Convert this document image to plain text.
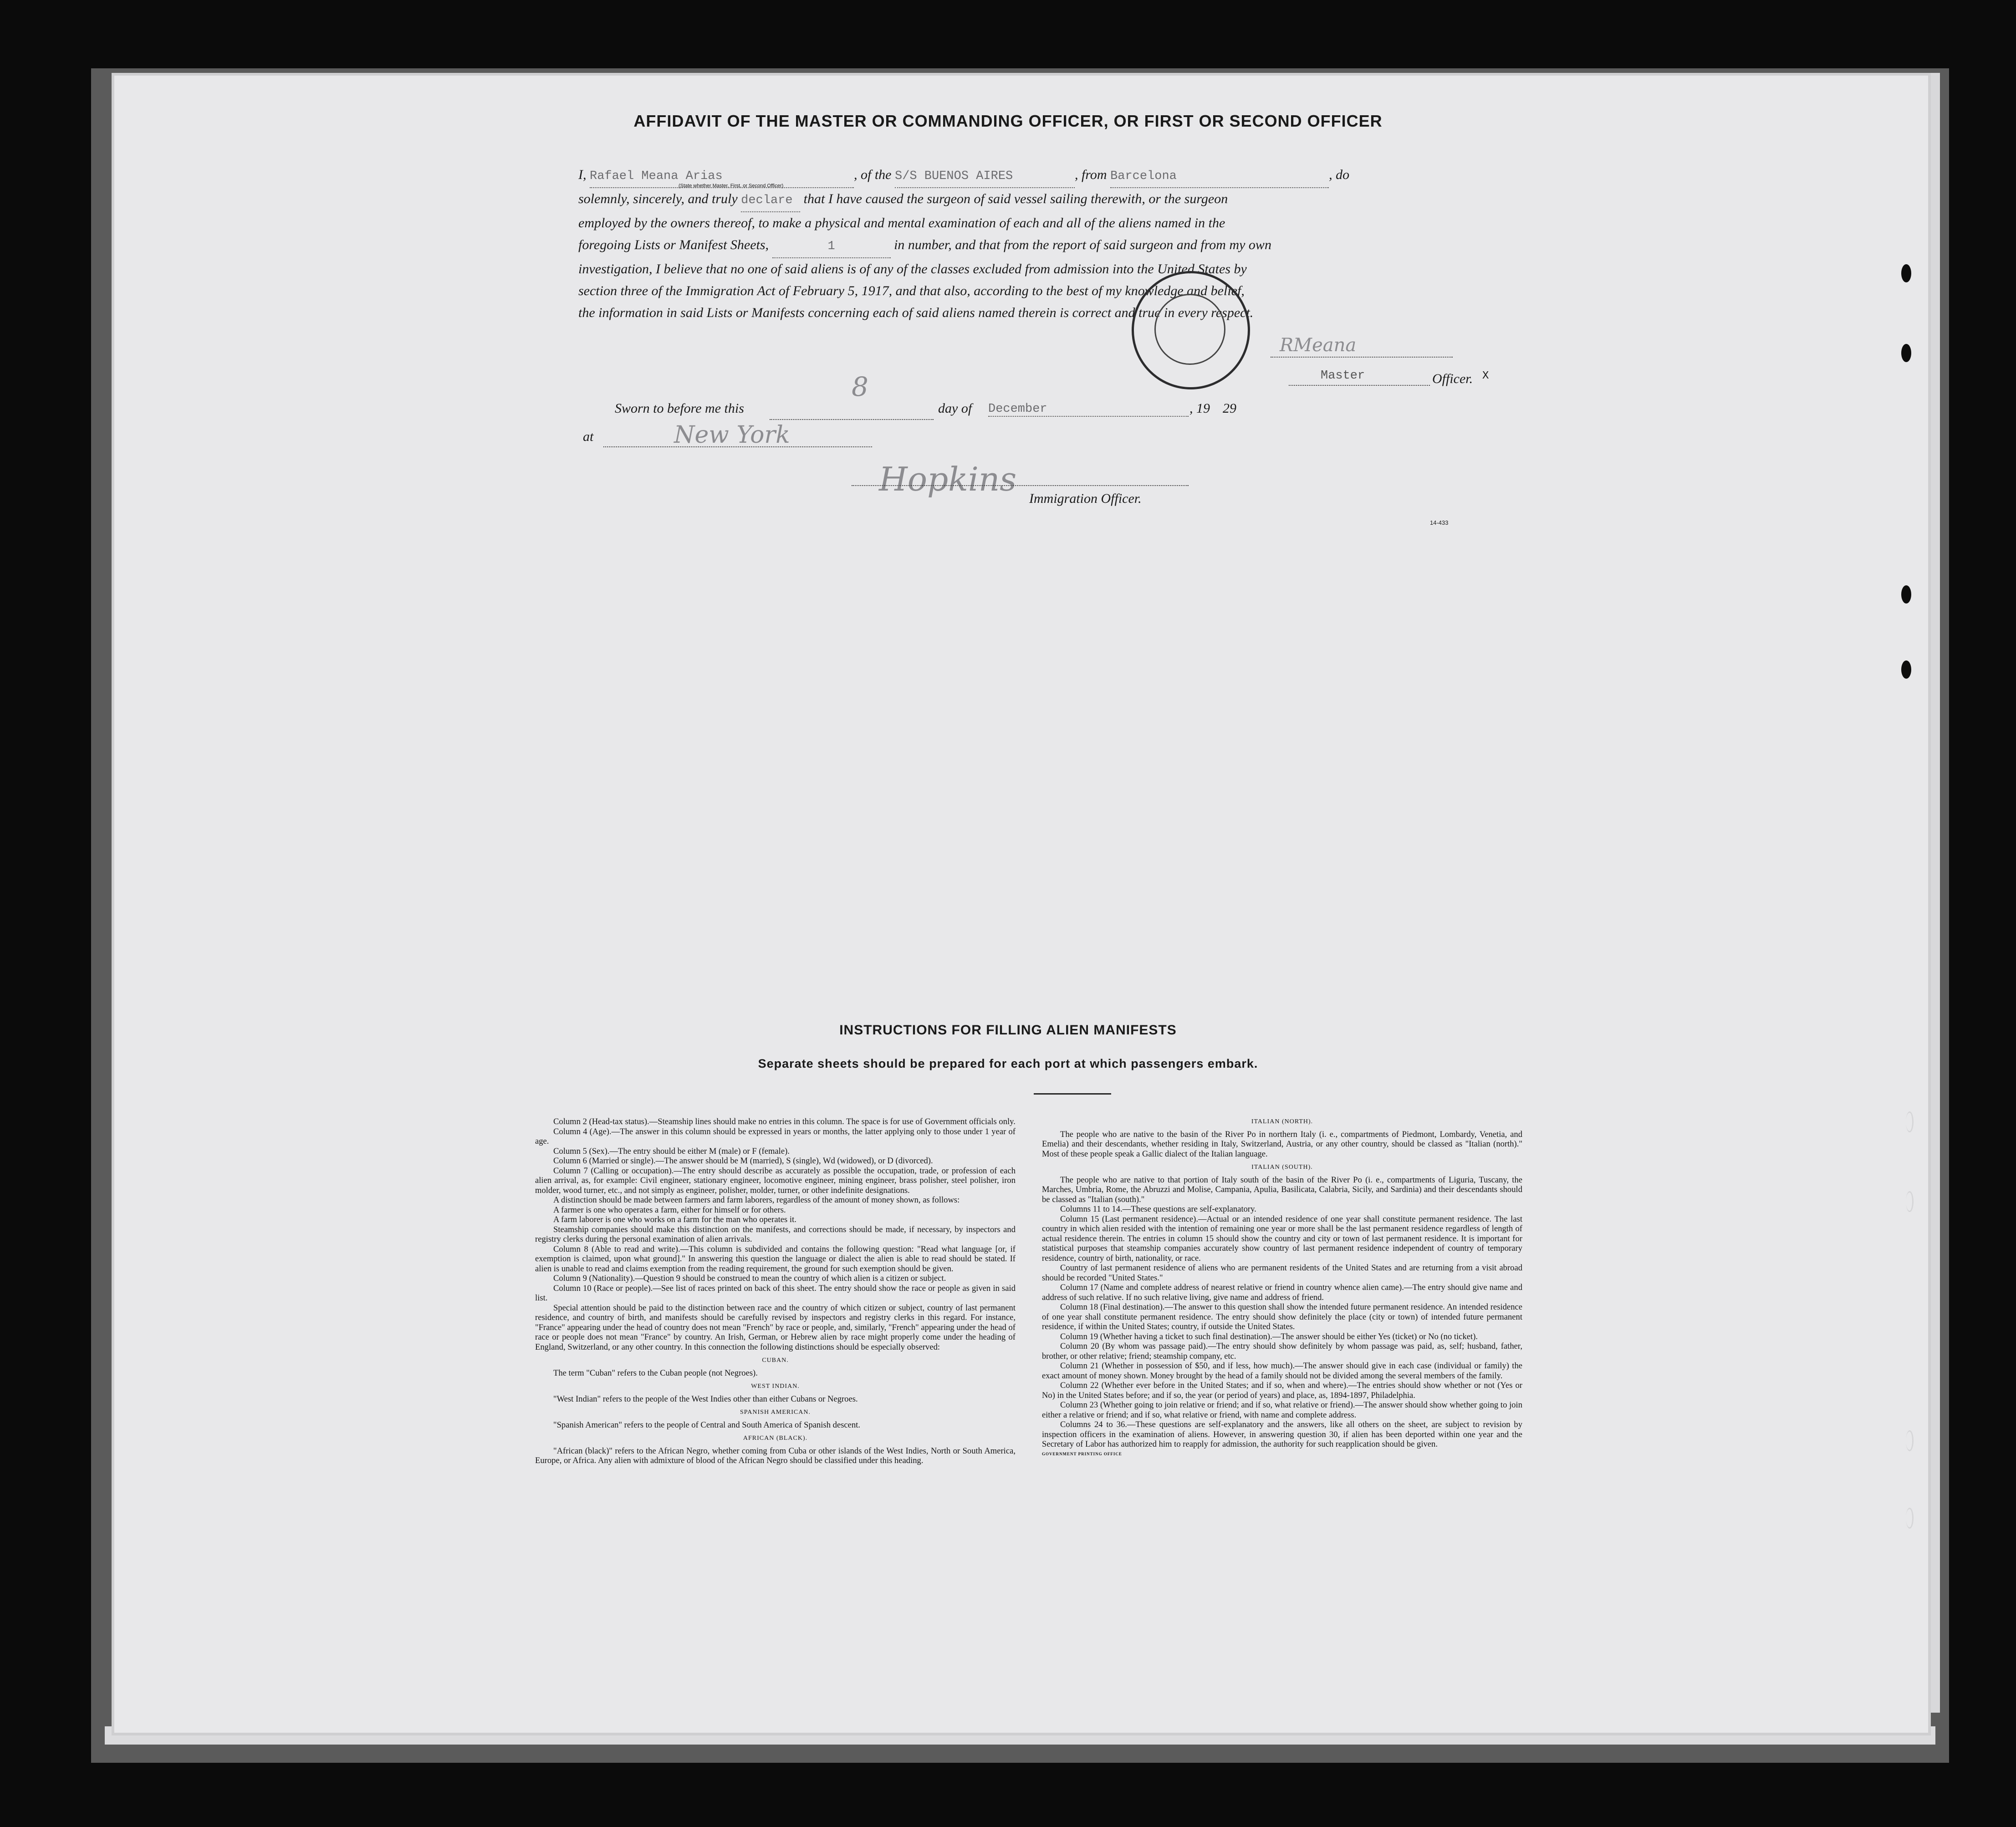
AFFIDAVIT OF THE MASTER OR COMMANDING OFFICER, OR FIRST OR SECOND OFFICER
I, Rafael Meana Arias	, of the S/S BUENOS AIRES	, from Barcelona	, do
solemnly, sincerely, and truly declare that I have caused the surgeon of said vessel sailing therewith, or the surgeon
employed by the owners thereof, to make a physical and mental examination of each and all of the aliens named in the
foregoing Lists or Manifest Sheets,	1	in number, and that from the report of said surgeon and from my own
investigation, I believe that no one of said aliens is of any of the classes excluded from admission into the United States by
section three of the Immigration Act of February 5, 1917, and that also, according to the best of my knowledge and belief,
the information in said Lists or Manifests concerning each of said aliens named therein is correct and true in every respect.
(State whether Master, First, or Second Officer)
RMeana
Master	Officer. X
Sworn to before me this
8
day of December	, 19 29
at	New York
Hopkins
Immigration Officer.
14-433
INSTRUCTIONS FOR FILLING ALIEN MANIFESTS
Separate sheets should be prepared for each port at which passengers embark.

Column 2 (Head-tax status).—Steamship lines should make no entries in this column. The space is for use of Government officials only.

Column 4 (Age).—The answer in this column should be expressed in years or months, the latter applying only to those under 1 year of age.

Column 5 (Sex).—The entry should be either M (male) or F (female).

Column 6 (Married or single).—The answer should be M (married), S (single), Wd (widowed), or D (divorced).

Column 7 (Calling or occupation).—The entry should describe as accurately as possible the occupation, trade, or profession of each alien arrival, as, for example: Civil engineer, stationary engineer, locomotive engineer, mining engineer, brass polisher, steel polisher, iron molder, wood turner, etc., and not simply as engineer, polisher, molder, turner, or other indefinite designations.

A distinction should be made between farmers and farm laborers, regardless of the amount of money shown, as follows:

A farmer is one who operates a farm, either for himself or for others.

A farm laborer is one who works on a farm for the man who operates it.

Steamship companies should make this distinction on the manifests, and corrections should be made, if necessary, by inspectors and registry clerks during the personal examination of alien arrivals.

Column 8 (Able to read and write).—This column is subdivided and contains the following question: "Read what language [or, if exemption is claimed, upon what ground]." In answering this question the language or dialect the alien is able to read should be stated. If alien is unable to read and claims exemption from the reading requirement, the ground for such exemption should be given.

Column 9 (Nationality).—Question 9 should be construed to mean the country of which alien is a citizen or subject.

Column 10 (Race or people).—See list of races printed on back of this sheet. The entry should show the race or people as given in said list.

Special attention should be paid to the distinction between race and the country of which citizen or subject, country of last permanent residence, and country of birth, and manifests should be carefully revised by inspectors and registry clerks in this regard. For instance, "France" appearing under the head of country does not mean "French" by race or people, and, similarly, "French" appearing under the head of race or people does not mean "France" by country. An Irish, German, or Hebrew alien by race might properly come under the heading of England, Switzerland, or any other country. In this connection the following distinctions should be especially observed:

CUBAN.

The term "Cuban" refers to the Cuban people (not Negroes).

WEST INDIAN.

"West Indian" refers to the people of the West Indies other than either Cubans or Negroes.

SPANISH AMERICAN.

"Spanish American" refers to the people of Central and South America of Spanish descent.

AFRICAN (BLACK).

"African (black)" refers to the African Negro, whether coming from Cuba or other islands of the West Indies, North or South America, Europe, or Africa. Any alien with admixture of blood of the African Negro should be classified under this heading.

ITALIAN (NORTH).

The people who are native to the basin of the River Po in northern Italy (i. e., compartments of Piedmont, Lombardy, Venetia, and Emelia) and their descendants, whether residing in Italy, Switzerland, Austria, or any other country, should be classed as "Italian (north)." Most of these people speak a Gallic dialect of the Italian language.

ITALIAN (SOUTH).

The people who are native to that portion of Italy south of the basin of the River Po (i. e., compartments of Liguria, Tuscany, the Marches, Umbria, Rome, the Abruzzi and Molise, Campania, Apulia, Basilicata, Calabria, Sicily, and Sardinia) and their descendants should be classed as "Italian (south)."

Columns 11 to 14.—These questions are self-explanatory.

Column 15 (Last permanent residence).—Actual or an intended residence of one year shall constitute permanent residence. The last country in which alien resided with the intention of remaining one year or more shall be the last permanent residence regardless of length of actual residence therein. The entries in column 15 should show the country and city or town of last permanent residence. It is important for statistical purposes that steamship companies accurately show country of last permanent residence independent of country of temporary residence, country of birth, nationality, or race.

Country of last permanent residence of aliens who are permanent residents of the United States and are returning from a visit abroad should be recorded "United States."

Column 17 (Name and complete address of nearest relative or friend in country whence alien came).—The entry should give name and address of such relative. If no such relative living, give name and address of friend.

Column 18 (Final destination).—The answer to this question shall show the intended future permanent residence. An intended residence of one year shall constitute permanent residence. The entry should show definitely the place (city or town) of intended future permanent residence, if within the United States; country, if outside the United States.

Column 19 (Whether having a ticket to such final destination).—The answer should be either Yes (ticket) or No (no ticket).

Column 20 (By whom was passage paid).—The entry should show definitely by whom passage was paid, as, self; husband, father, brother, or other relative; friend; steamship company, etc.

Column 21 (Whether in possession of $50, and if less, how much).—The answer should give in each case (individual or family) the exact amount of money shown. Money brought by the head of a family should not be divided among the several members of the family.

Column 22 (Whether ever before in the United States; and if so, when and where).—The entries should show whether or not (Yes or No) in the United States before; and if so, the year (or period of years) and place, as, 1894-1897, Philadelphia.

Column 23 (Whether going to join relative or friend; and if so, what relative or friend).—The answer should show whether going to join either a relative or friend; and if so, what relative or friend, with name and complete address.

Columns 24 to 36.—These questions are self-explanatory and the answers, like all others on the sheet, are subject to revision by inspection officers in the examination of aliens. However, in answering question 30, if alien has been deported within one year and the Secretary of Labor has authorized him to reapply for admission, the authority for such reapplication should be given.

GOVERNMENT PRINTING OFFICE
